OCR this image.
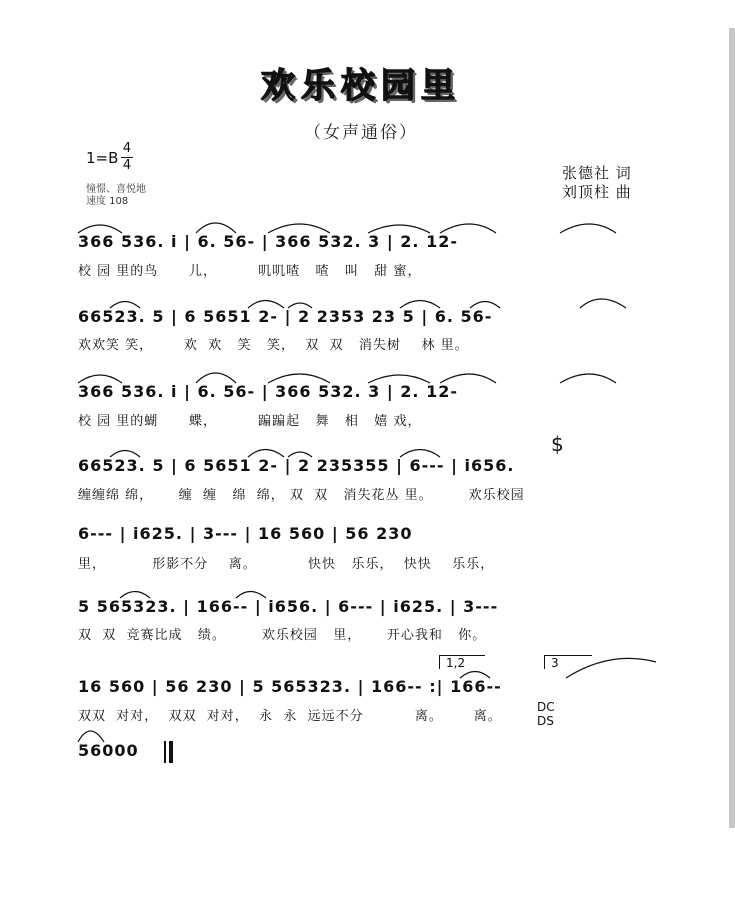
欢乐校园里
（女声通俗）
1=B
4
4
憧憬、喜悦地
速度 108
张德社 词
刘顶柱 曲
366 536. i | 6. 56- | 366 532. 3 | 2. 12-
校 园 里的鸟      儿，        叽叽喳   喳   叫   甜 蜜，
66523. 5 | 6 5651 2- | 2 2353 23 5 | 6. 56-
欢欢笑 笑，      欢  欢   笑   笑，  双  双   消失树    林 里。
366 536. i | 6. 56- | 366 532. 3 | 2. 12-
校 园 里的蝴      蝶，        蹁蹁起   舞   相   嬉 戏，
$
66523. 5 | 6 5651 2- | 2 235355 | 6--- | i656.
缠缠绵 绵，     缠  缠   绵  绵， 双  双   消失花丛 里。       欢乐校园
6--- | i625. | 3--- | 16 560 | 56 230
里，         形影不分    离。          快快   乐乐，  快快    乐乐，
5 565323. | 166-- | i656. | 6--- | i625. | 3---
双  双  竞赛比成   绩。       欢乐校园   里，     开心我和   你。
1,2	3
16 560 | 56 230 | 5 565323. | 166-- :| 166--
双双  对对，  双双  对对，  永  永  远远不分          离。      离。
DC
DS
56000
